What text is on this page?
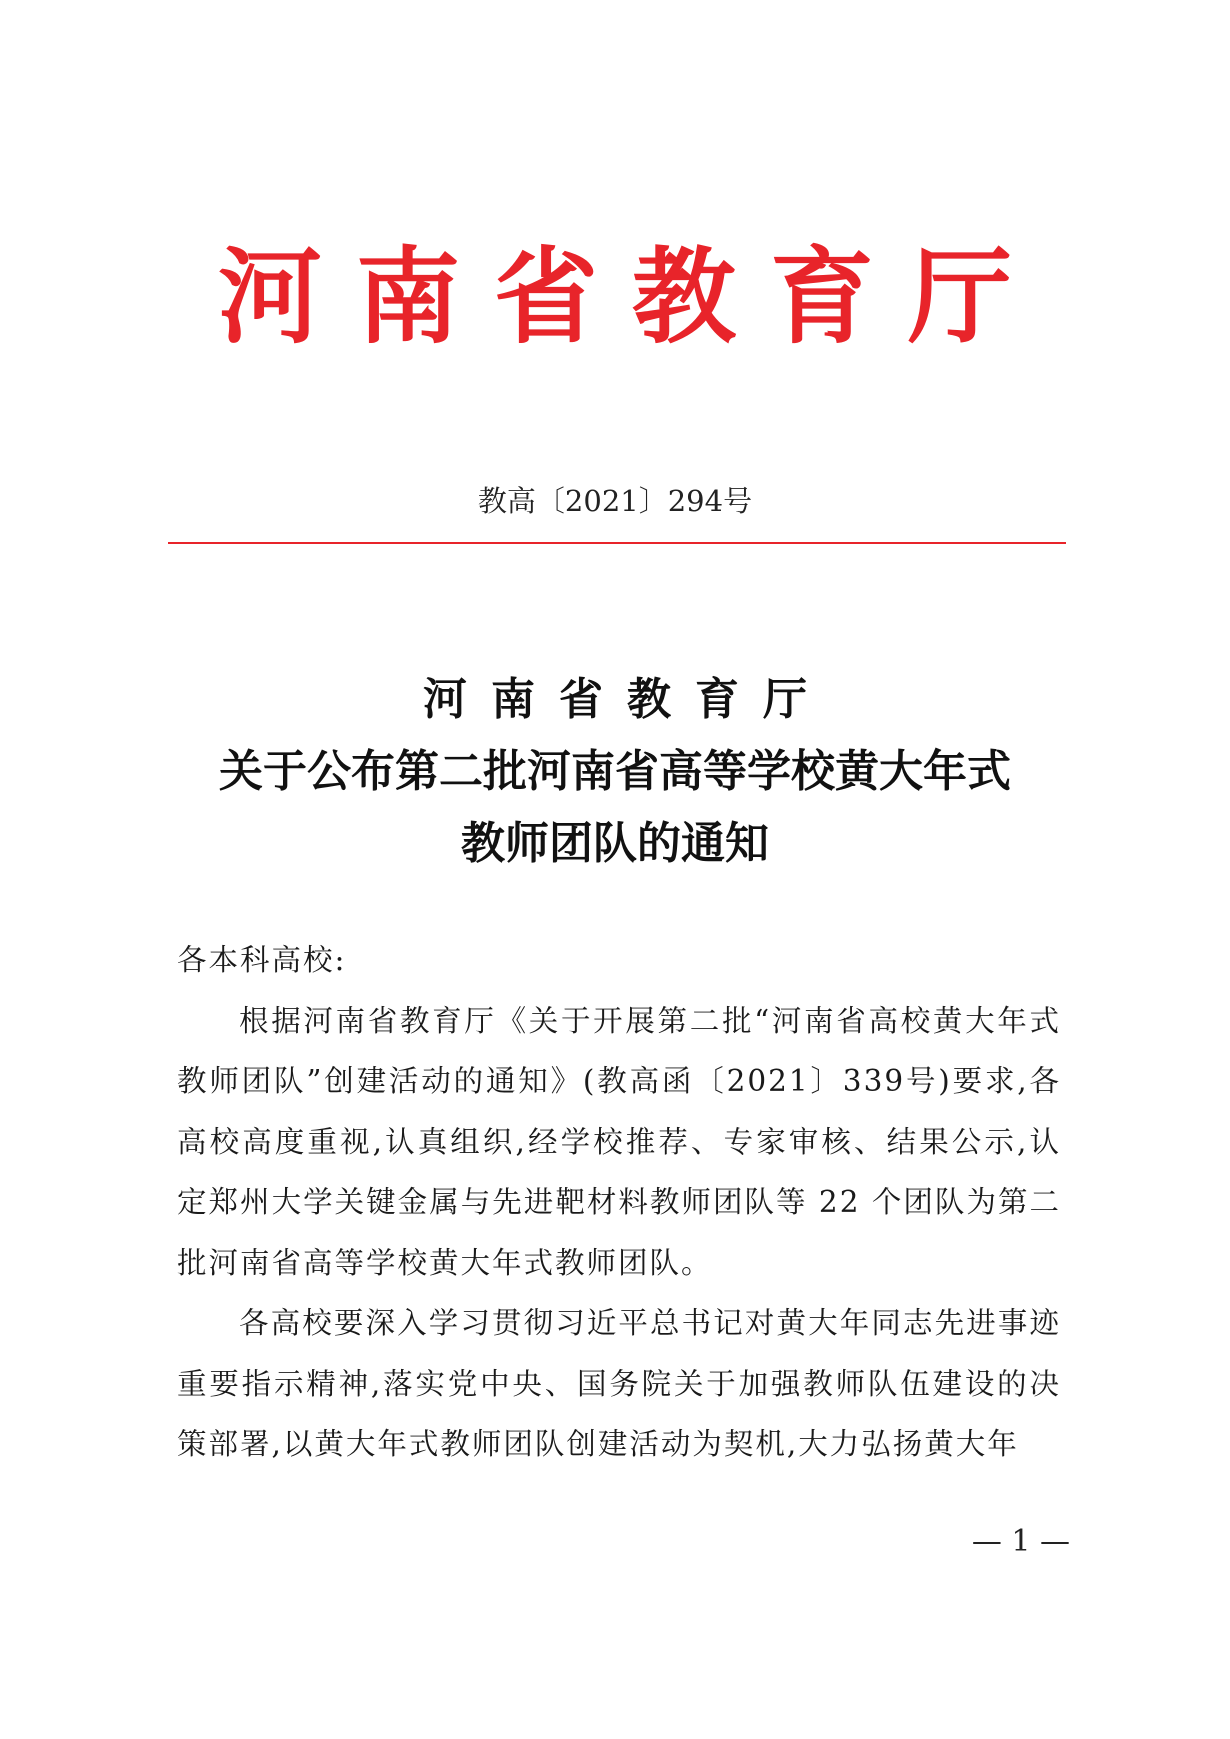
河南省教育厅
教高〔2021〕294号
河南省教育厅
关于公布第二批河南省高等学校黄大年式
教师团队的通知

各本科高校:

根据河南省教育厅《关于开展第二批“河南省高校黄大年式教师团队”创建活动的通知》(教高函〔2021〕339号)要求,各高校高度重视,认真组织,经学校推荐、专家审核、结果公示,认定郑州大学关键金属与先进靶材料教师团队等 22 个团队为第二批河南省高等学校黄大年式教师团队。

各高校要深入学习贯彻习近平总书记对黄大年同志先进事迹重要指示精神,落实党中央、国务院关于加强教师队伍建设的决策部署,以黄大年式教师团队创建活动为契机,大力弘扬黄大年

— 1 —
